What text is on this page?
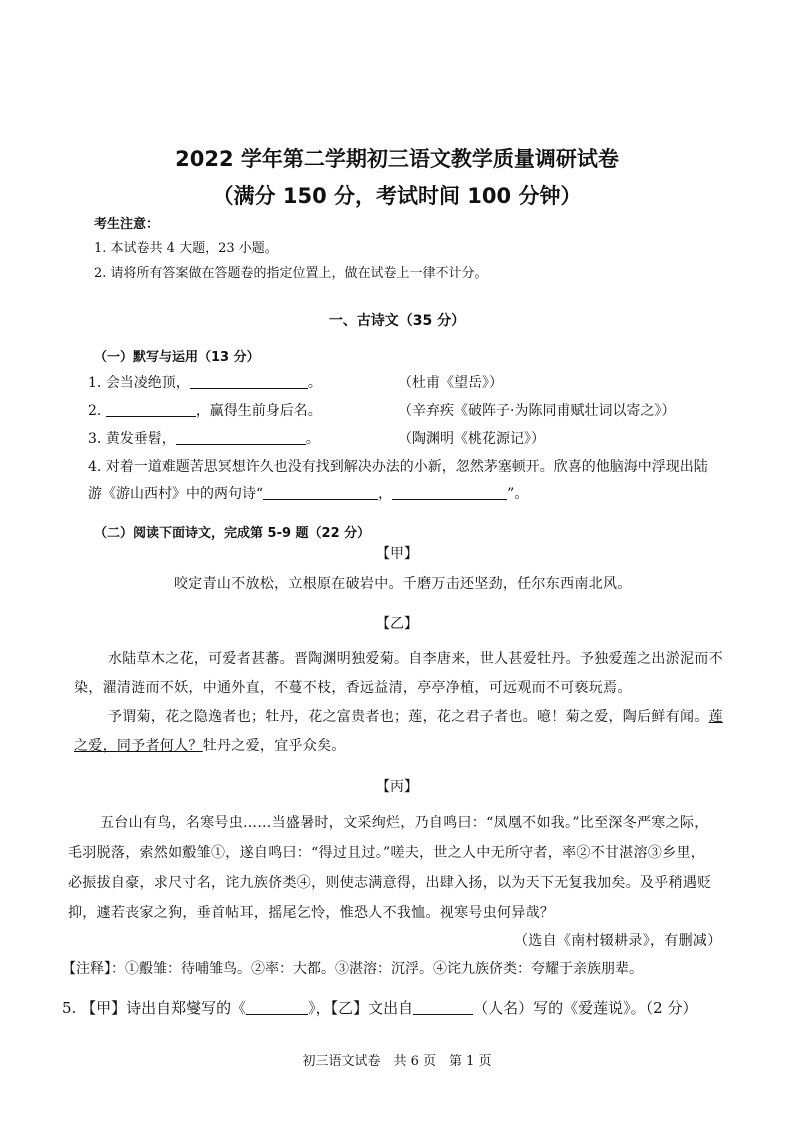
2022 学年第二学期初三语文教学质量调研试卷
（满分 150 分，考试时间 100 分钟）
考生注意：
1. 本试卷共 4 大题，23 小题。
2. 请将所有答案做在答题卷的指定位置上，做在试卷上一律不计分。
一、古诗文（35 分）
（一）默写与运用（13 分）
1. 会当凌绝顶，	。	（杜甫《望岳》）
2.	，赢得生前身后名。	（辛弃疾《破阵子·为陈同甫赋壮词以寄之》）
3. 黄发垂髫，	。	（陶渊明《桃花源记》）
4. 对着一道难题苦思冥想许久也没有找到解决办法的小新，忽然茅塞顿开。欣喜的他脑海中浮现出陆
游《游山西村》中的两句诗“	，	”。
（二）阅读下面诗文，完成第 5-9 题（22 分）
【甲】
咬定青山不放松，立根原在破岩中。千磨万击还坚劲，任尔东西南北风。
【乙】
水陆草木之花，可爱者甚蕃。晋陶渊明独爱菊。自李唐来，世人甚爱牡丹。予独爱莲之出淤泥而不
染，濯清涟而不妖，中通外直，不蔓不枝，香远益清，亭亭净植，可远观而不可亵玩焉。
予谓菊，花之隐逸者也；牡丹，花之富贵者也；莲，花之君子者也。噫！菊之爱，陶后鲜有闻。莲
之爱，同予者何人？牡丹之爱，宜乎众矣。
【丙】
五台山有鸟，名寒号虫……当盛暑时，文采绚烂，乃自鸣曰：“凤凰不如我。”比至深冬严寒之际，
毛羽脱落，索然如鷇雏①，遂自鸣曰：“得过且过。”嗟夫，世之人中无所守者，率②不甘湛溶③乡里，
必振拔自豪，求尺寸名，诧九族侪类④，则使志满意得，出肆入扬，以为天下无复我加矣。及乎稍遇贬
抑，遽若丧家之狗，垂首帖耳，摇尾乞怜，惟恐人不我恤。视寒号虫何异哉？
（选自《南村辍耕录》，有删减）
【注释】：①鷇雏：待哺雏鸟。②率：大都。③湛溶：沉浮。④诧九族侪类：夸耀于亲族朋辈。
5. 【甲】诗出自郑燮写的《	》，【乙】文出自	（人名）写的《爱莲说》。（2 分）
初三语文试卷　共 6 页　第 1 页
